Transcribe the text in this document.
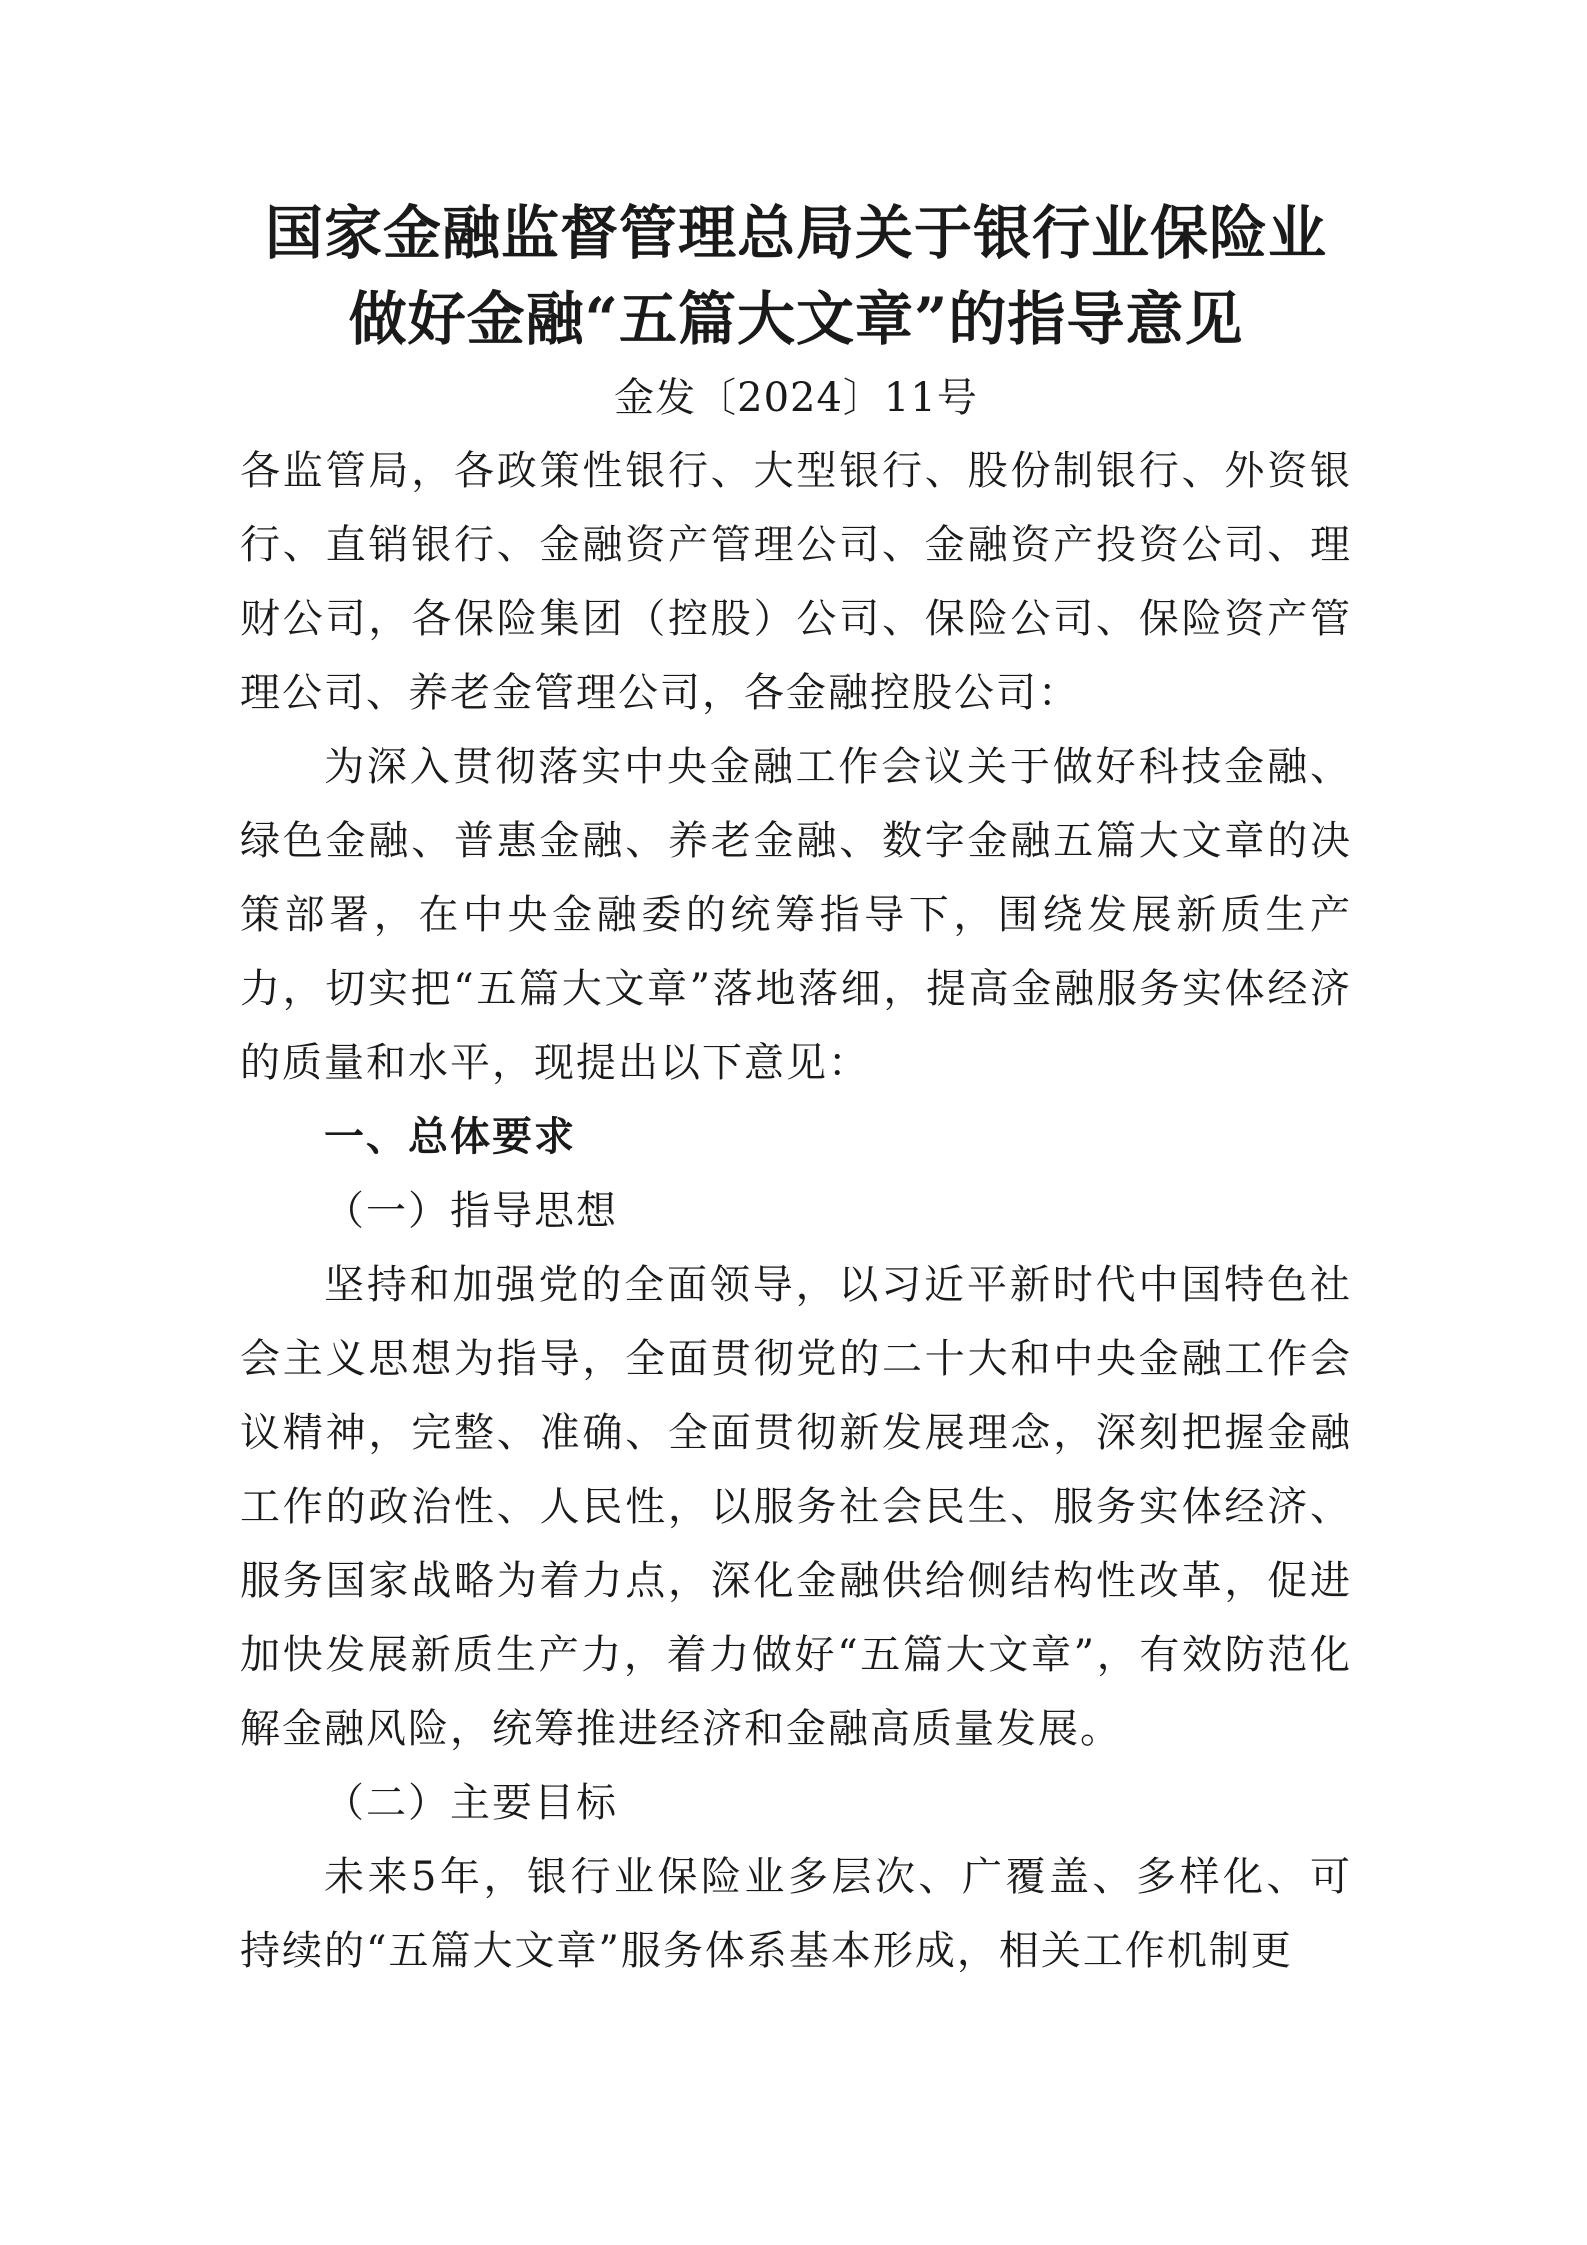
国家金融监督管理总局关于银行业保险业
做好金融“五篇大文章”的指导意见

金发〔2024〕11号

各监管局，各政策性银行、大型银行、股份制银行、外资银行、直销银行、金融资产管理公司、金融资产投资公司、理财公司，各保险集团（控股）公司、保险公司、保险资产管理公司、养老金管理公司，各金融控股公司：

为深入贯彻落实中央金融工作会议关于做好科技金融、绿色金融、普惠金融、养老金融、数字金融五篇大文章的决策部署，在中央金融委的统筹指导下，围绕发展新质生产力，切实把“五篇大文章”落地落细，提高金融服务实体经济的质量和水平，现提出以下意见：

一、总体要求

（一）指导思想

坚持和加强党的全面领导，以习近平新时代中国特色社会主义思想为指导，全面贯彻党的二十大和中央金融工作会议精神，完整、准确、全面贯彻新发展理念，深刻把握金融工作的政治性、人民性，以服务社会民生、服务实体经济、服务国家战略为着力点，深化金融供给侧结构性改革，促进加快发展新质生产力，着力做好“五篇大文章”，有效防范化解金融风险，统筹推进经济和金融高质量发展。

（二）主要目标

未来5年，银行业保险业多层次、广覆盖、多样化、可持续的“五篇大文章”服务体系基本形成，相关工作机制更
